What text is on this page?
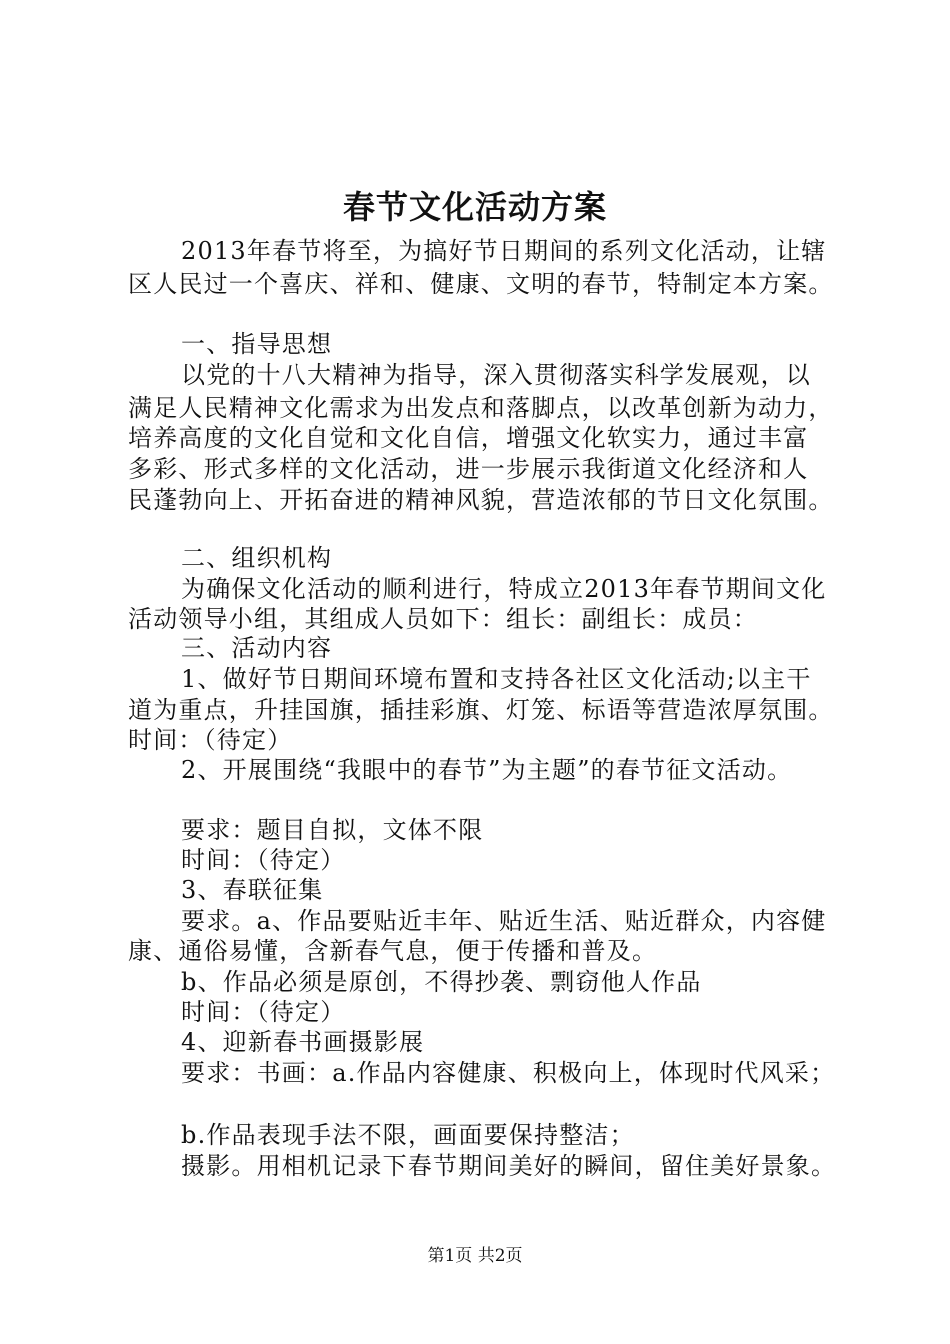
春节文化活动方案
2013年春节将至，为搞好节日期间的系列文化活动，让辖
区人民过一个喜庆、祥和、健康、文明的春节，特制定本方案。
一、指导思想
以党的十八大精神为指导，深入贯彻落实科学发展观，以
满足人民精神文化需求为出发点和落脚点，以改革创新为动力，
培养高度的文化自觉和文化自信，增强文化软实力，通过丰富
多彩、形式多样的文化活动，进一步展示我街道文化经济和人
民蓬勃向上、开拓奋进的精神风貌，营造浓郁的节日文化氛围。
二、组织机构
为确保文化活动的顺利进行，特成立2013年春节期间文化
活动领导小组，其组成人员如下：组长：副组长：成员：
三、活动内容
1、做好节日期间环境布置和支持各社区文化活动;以主干
道为重点，升挂国旗，插挂彩旗、灯笼、标语等营造浓厚氛围。
时间：（待定）
2、开展围绕“我眼中的春节”为主题”的春节征文活动。
要求：题目自拟，文体不限
时间：（待定）
3、春联征集
要求。a、作品要贴近丰年、贴近生活、贴近群众，内容健
康、通俗易懂，含新春气息，便于传播和普及。
b、作品必须是原创，不得抄袭、剽窃他人作品
时间：（待定）
4、迎新春书画摄影展
要求：书画：a.作品内容健康、积极向上，体现时代风采；
b.作品表现手法不限，画面要保持整洁；
摄影。用相机记录下春节期间美好的瞬间，留住美好景象。
第1页 共2页
